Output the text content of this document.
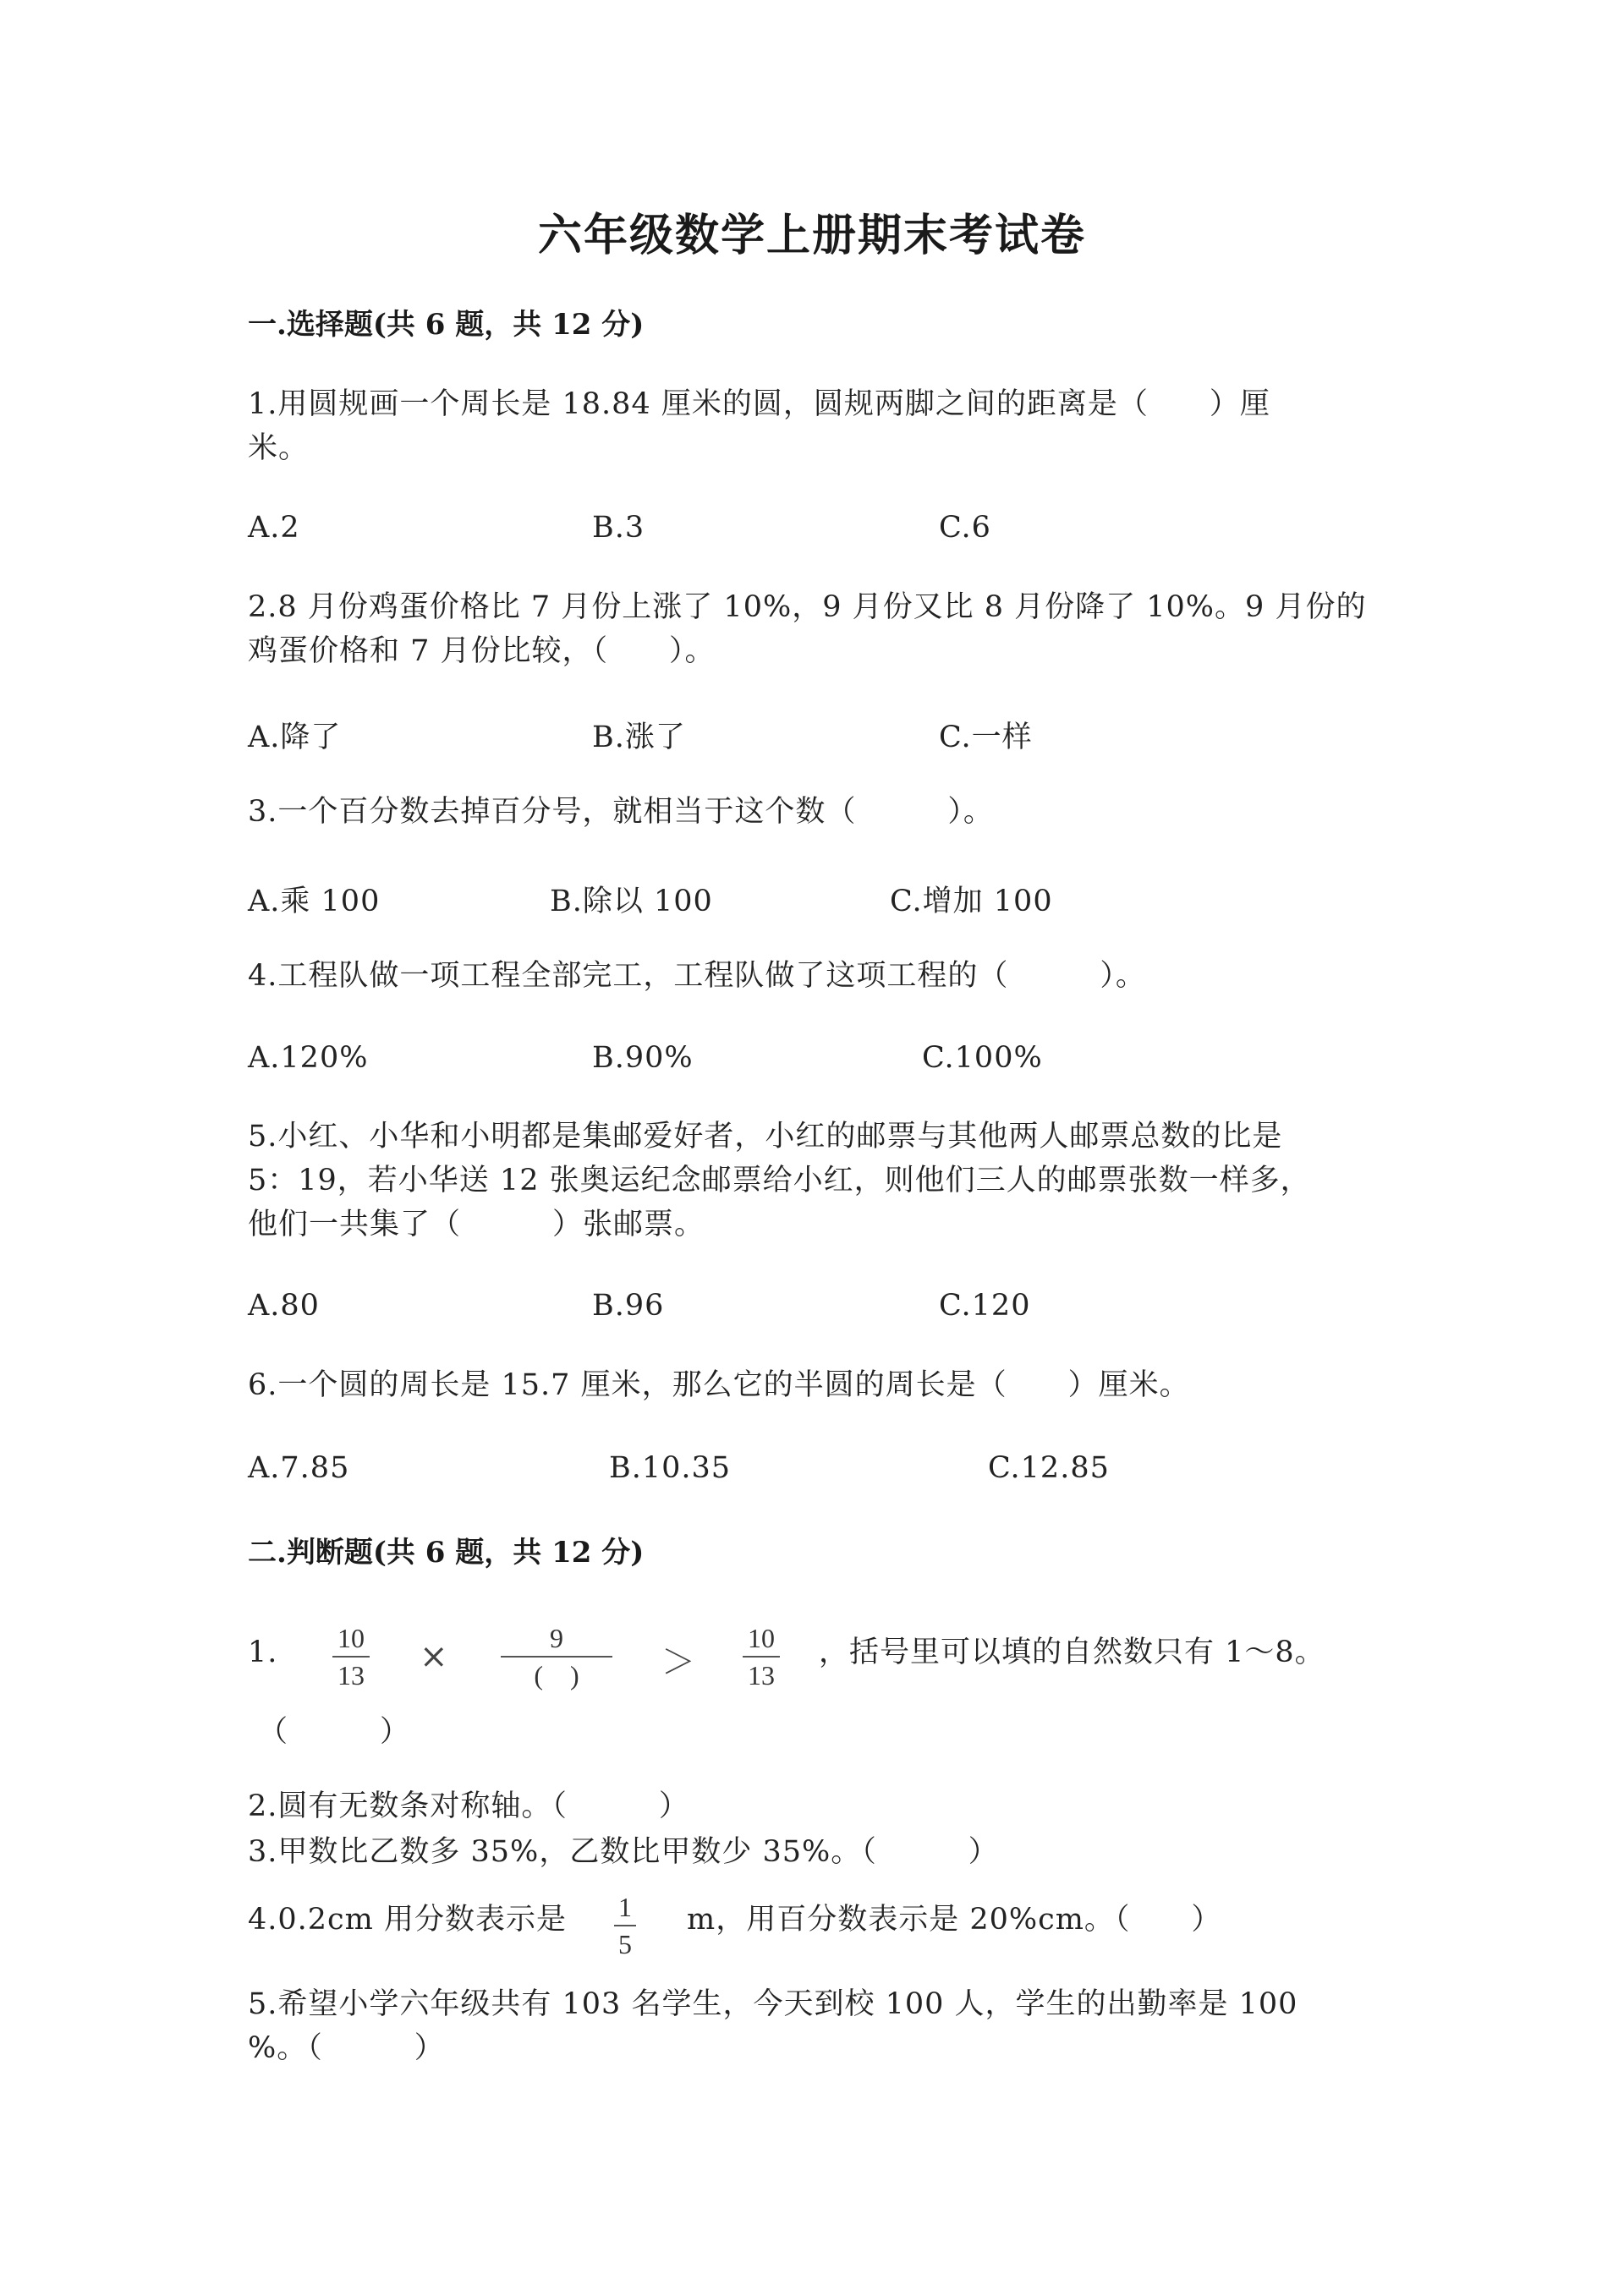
六年级数学上册期末考试卷
一.选择题(共 6 题，共 12 分)
1.用圆规画一个周长是 18.84 厘米的圆，圆规两脚之间的距离是（　　）厘
米。
A.2	B.3	C.6
2.8 月份鸡蛋价格比 7 月份上涨了 10%，9 月份又比 8 月份降了 10%。9 月份的
鸡蛋价格和 7 月份比较，（　　）。
A.降了	B.涨了	C.一样
3.一个百分数去掉百分号，就相当于这个数（　　　）。
A.乘 100	B.除以 100	C.增加 100
4.工程队做一项工程全部完工，工程队做了这项工程的（　　　）。
A.120%	B.90%	C.100%
5.小红、小华和小明都是集邮爱好者，小红的邮票与其他两人邮票总数的比是
5：19，若小华送 12 张奥运纪念邮票给小红，则他们三人的邮票张数一样多，
他们一共集了（　　　）张邮票。
A.80	B.96	C.120
6.一个圆的周长是 15.7 厘米，那么它的半圆的周长是（　　）厘米。
A.7.85	B.10.35	C.12.85
二.判断题(共 6 题，共 12 分)
1. 10
13 ×	9
(　) ＞
10
13
，括号里可以填的自然数只有 1～8。
（　　　）
2.圆有无数条对称轴。（　　　）
3.甲数比乙数多 35%，乙数比甲数少 35%。（　　　）
4.0.2cm 用分数表示是 1
5
m，用百分数表示是 20%cm。（　　）
5.希望小学六年级共有 103 名学生，今天到校 100 人，学生的出勤率是 100
%。（　　　）
